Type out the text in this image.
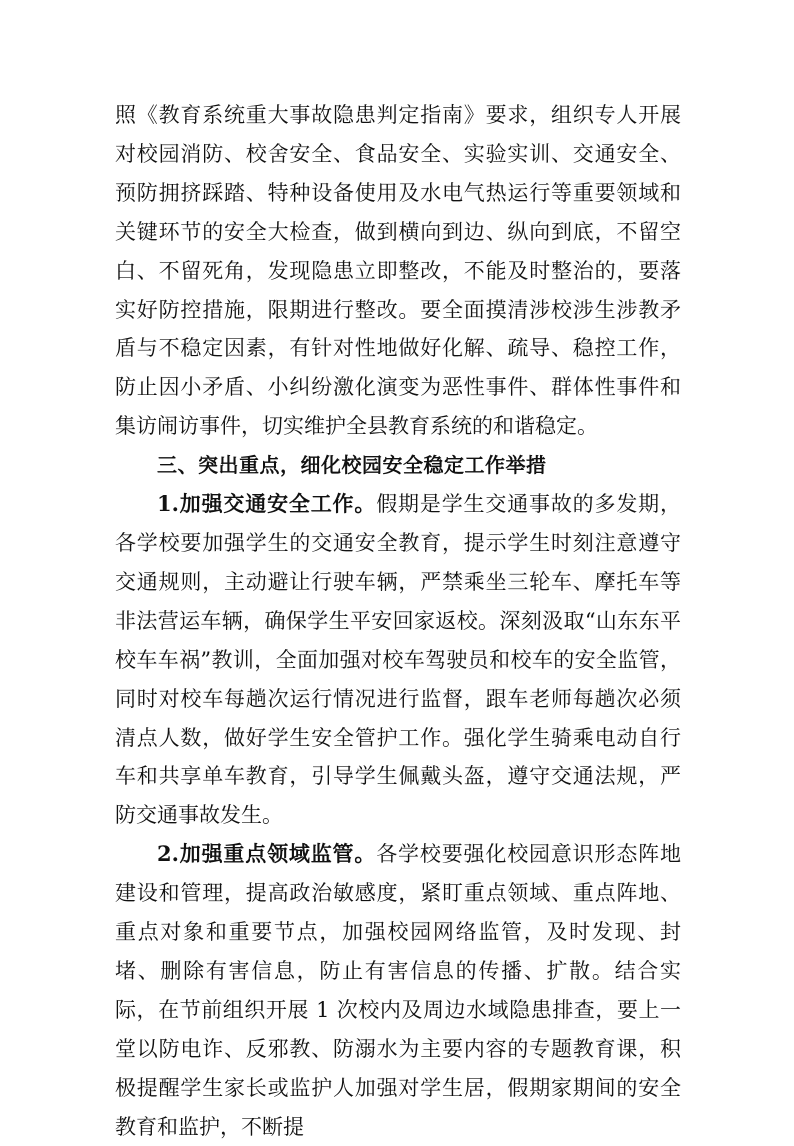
照《教育系统重大事故隐患判定指南》要求，组织专人开展对校园消防、校舍安全、食品安全、实验实训、交通安全、预防拥挤踩踏、特种设备使用及水电气热运行等重要领域和关键环节的安全大检查，做到横向到边、纵向到底，不留空白、不留死角，发现隐患立即整改，不能及时整治的，要落实好防控措施，限期进行整改。要全面摸清涉校涉生涉教矛盾与不稳定因素，有针对性地做好化解、疏导、稳控工作，防止因小矛盾、小纠纷激化演变为恶性事件、群体性事件和集访闹访事件，切实维护全县教育系统的和谐稳定。

三、突出重点，细化校园安全稳定工作举措

1.加强交通安全工作。假期是学生交通事故的多发期，各学校要加强学生的交通安全教育，提示学生时刻注意遵守交通规则，主动避让行驶车辆，严禁乘坐三轮车、摩托车等非法营运车辆，确保学生平安回家返校。深刻汲取“山东东平校车车祸”教训，全面加强对校车驾驶员和校车的安全监管，同时对校车每趟次运行情况进行监督，跟车老师每趟次必须清点人数，做好学生安全管护工作。强化学生骑乘电动自行车和共享单车教育，引导学生佩戴头盔，遵守交通法规，严防交通事故发生。

2.加强重点领域监管。各学校要强化校园意识形态阵地建设和管理，提高政治敏感度，紧盯重点领域、重点阵地、重点对象和重要节点，加强校园网络监管，及时发现、封堵、删除有害信息，防止有害信息的传播、扩散。结合实际，在节前组织开展 1 次校内及周边水域隐患排查，要上一堂以防电诈、反邪教、防溺水为主要内容的专题教育课，积极提醒学生家长或监护人加强对学生居，假期家期间的安全教育和监护，不断提
